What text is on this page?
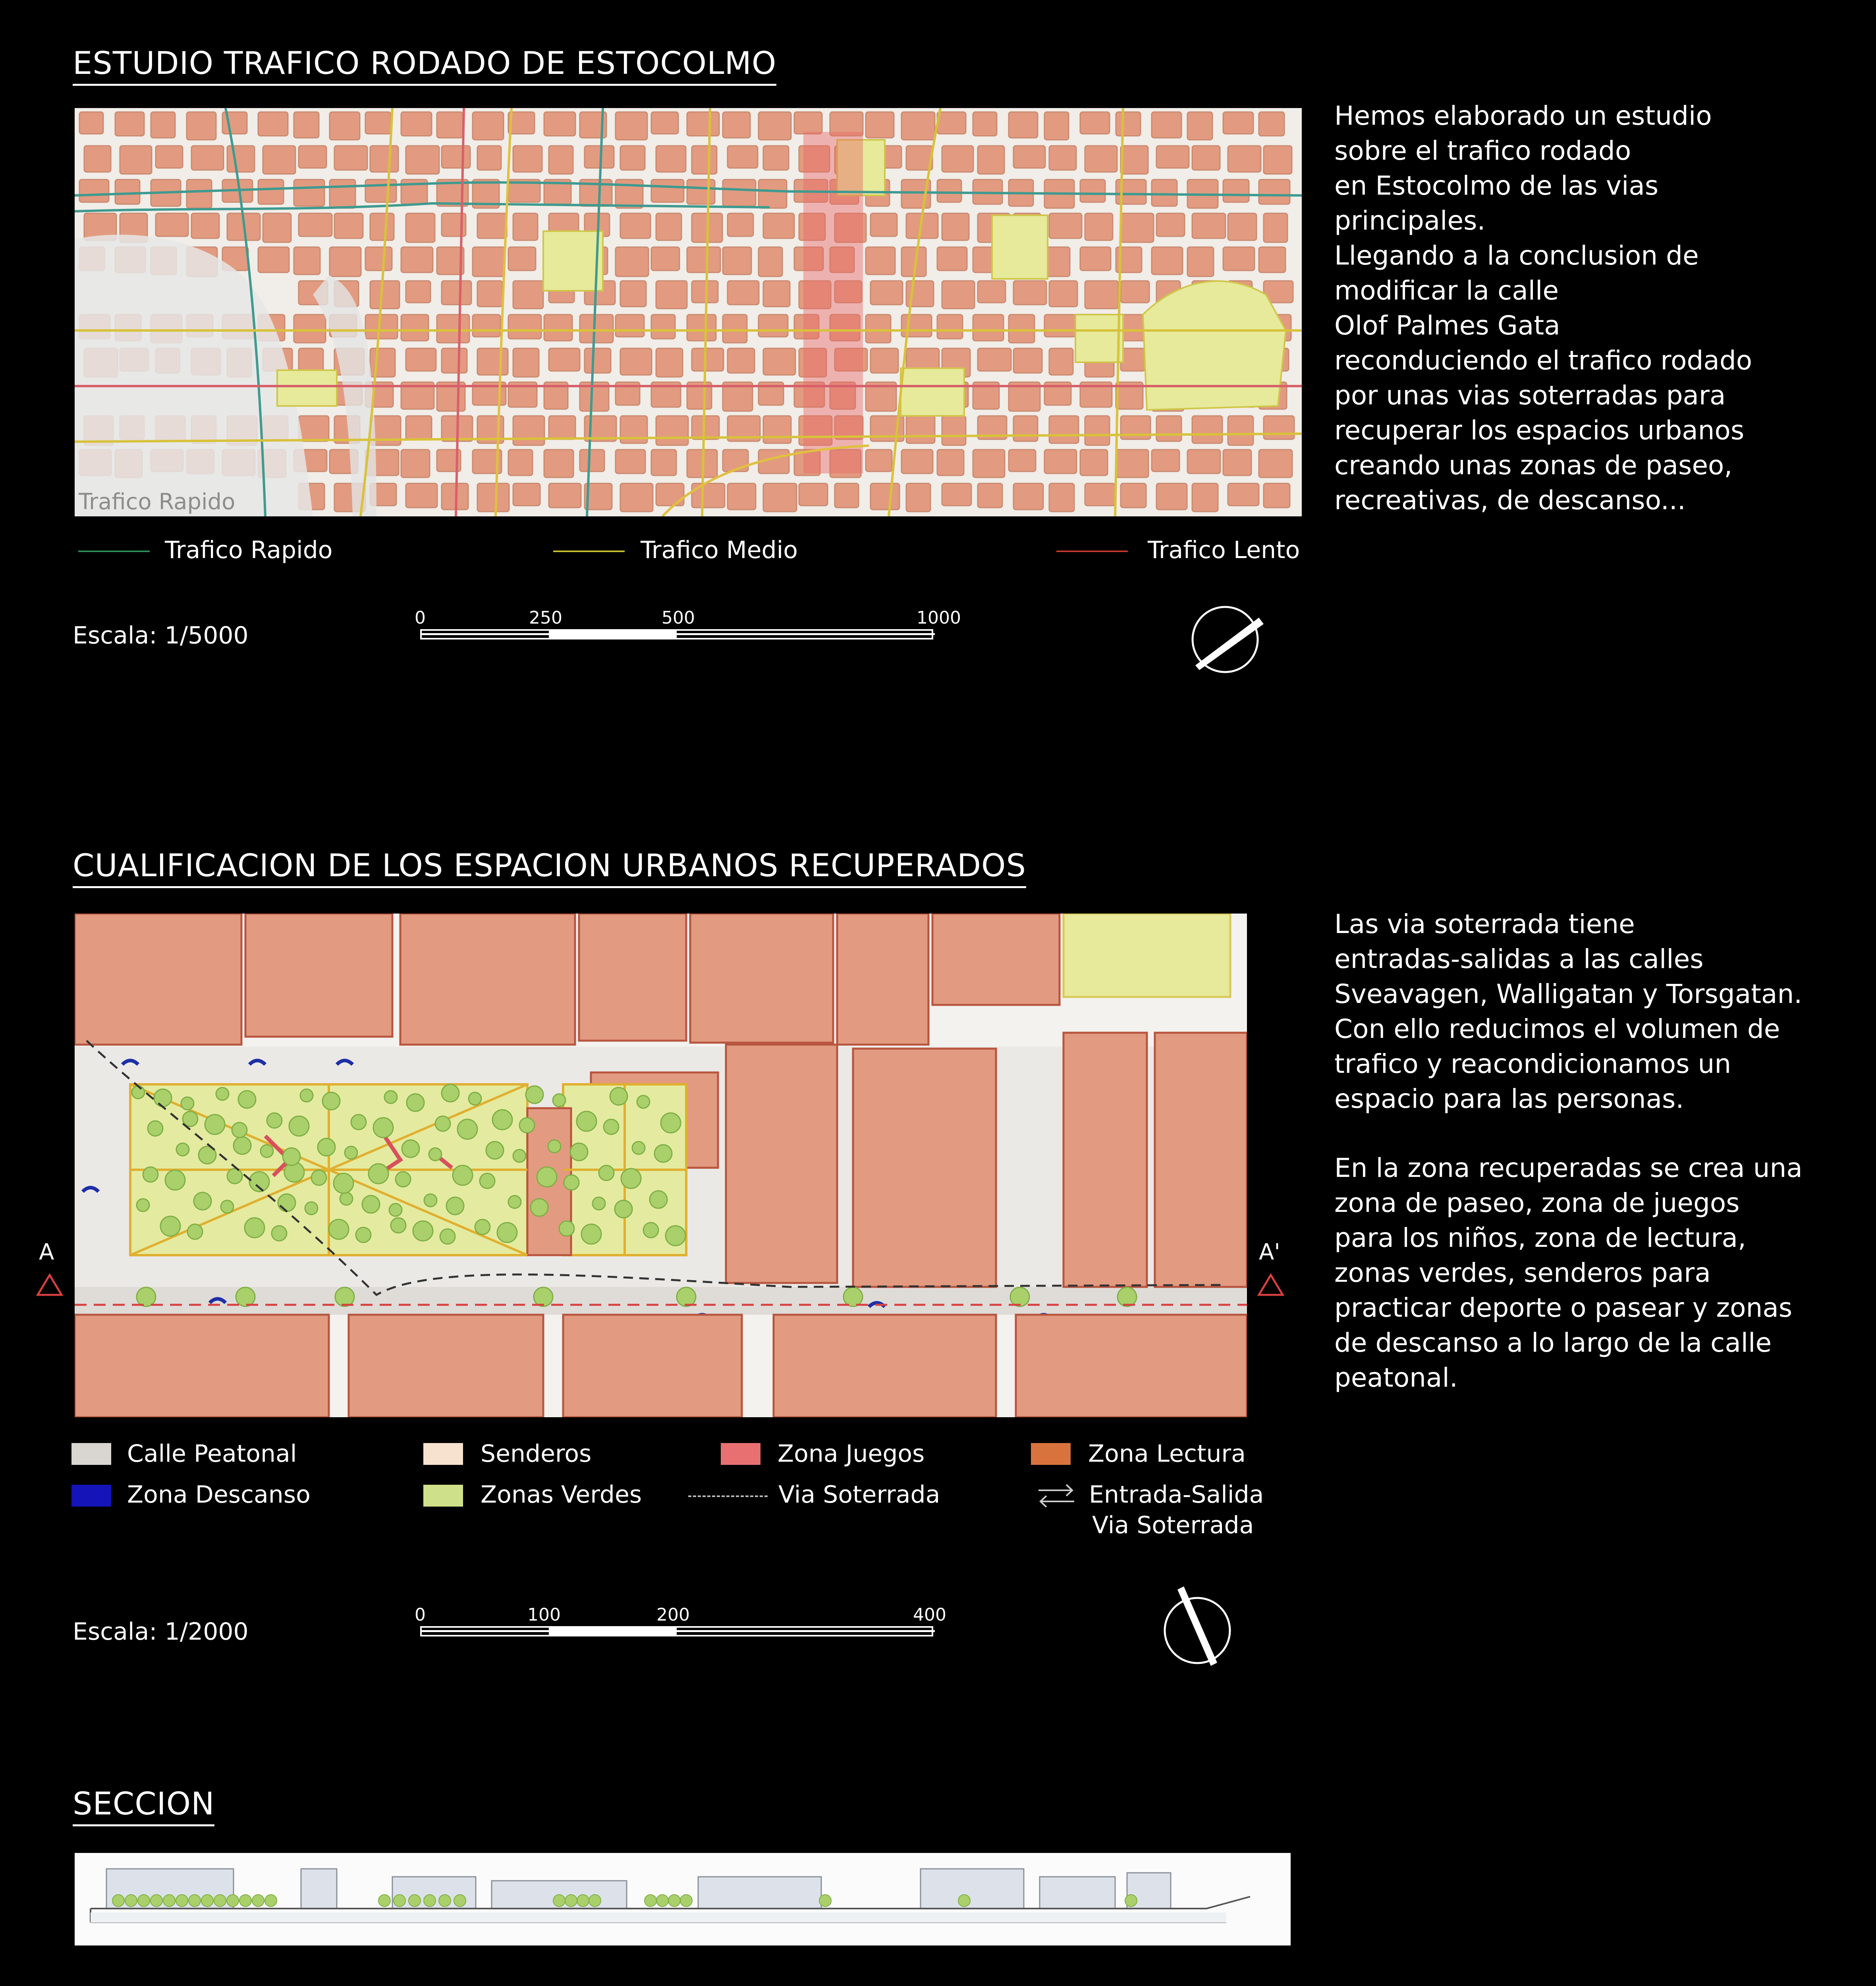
ESTUDIO TRAFICO RODADO DE ESTOCOLMO
Trafico Rapido
Trafico Rapido	Trafico Medio	Trafico Lento
Escala: 1/5000
0	250	500	1000

Hemos elaborado un estudio

sobre el trafico rodado

en Estocolmo de las vias

principales.

Llegando a la conclusion de

modificar la calle

Olof Palmes Gata

reconduciendo el trafico rodado

por unas vias soterradas para

recuperar los espacios urbanos

creando unas zonas de paseo,

recreativas, de descanso...

CUALIFICACION DE LOS ESPACION URBANOS RECUPERADOS
A	A'

Las via soterrada tiene

entradas-salidas a las calles

Sveavagen, Walligatan y Torsgatan.

Con ello reducimos el volumen de

trafico y reacondicionamos un

espacio para las personas.

En la zona recuperadas se crea una

zona de paseo, zona de juegos

para los niños, zona de lectura,

zonas verdes, senderos para

practicar deporte o pasear y zonas

de descanso a lo largo de la calle

peatonal.

Calle Peatonal	Senderos	Zona Juegos	Zona Lectura
Zona Descanso	Zonas Verdes	Via Soterrada	Entrada-Salida
Via Soterrada
Escala: 1/2000
0	100	200	400
SECCION
